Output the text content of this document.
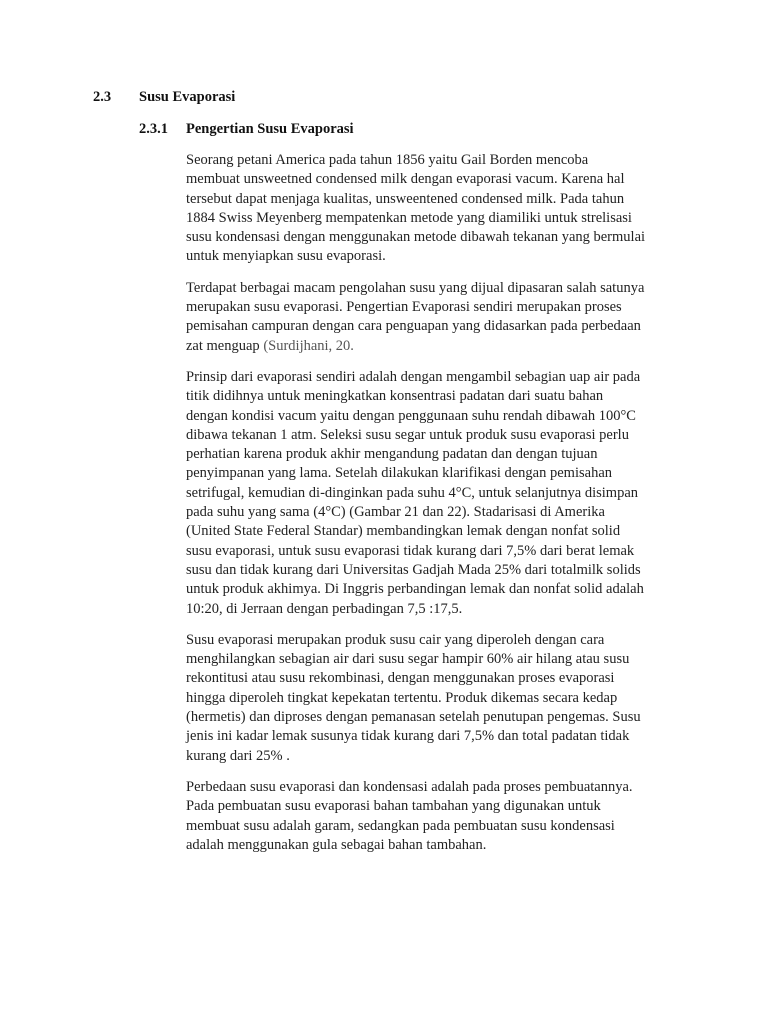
2.3 Susu Evaporasi
2.3.1 Pengertian Susu Evaporasi

Seorang petani America pada tahun 1856 yaitu Gail Borden mencoba
membuat unsweetned condensed milk dengan evaporasi vacum. Karena hal
tersebut dapat menjaga kualitas, unsweentened condensed milk. Pada tahun
1884 Swiss Meyenberg mempatenkan metode yang diamiliki untuk strelisasi
susu kondensasi dengan menggunakan metode dibawah tekanan yang bermulai
untuk menyiapkan susu evaporasi.

Terdapat berbagai macam pengolahan susu yang dijual dipasaran salah satunya
merupakan susu evaporasi. Pengertian Evaporasi sendiri merupakan proses
pemisahan campuran dengan cara penguapan yang didasarkan pada perbedaan
zat menguap (Surdijhani, 20.

Prinsip dari evaporasi sendiri adalah dengan mengambil sebagian uap air pada
titik didihnya untuk meningkatkan konsentrasi padatan dari suatu bahan
dengan kondisi vacum yaitu dengan penggunaan suhu rendah dibawah 100°C
dibawa tekanan 1 atm. Seleksi susu segar untuk produk susu evaporasi perlu
perhatian karena produk akhir mengandung padatan dan dengan tujuan
penyimpanan yang lama. Setelah dilakukan klarifikasi dengan pemisahan
setrifugal, kemudian di-dinginkan pada suhu 4°C, untuk selanjutnya disimpan
pada suhu yang sama (4°C) (Gambar 21 dan 22). Stadarisasi di Amerika
(United State Federal Standar) membandingkan lemak dengan nonfat solid
susu evaporasi, untuk susu evaporasi tidak kurang dari 7,5% dari berat lemak
susu dan tidak kurang dari Universitas Gadjah Mada 25% dari totalmilk solids
untuk produk akhimya. Di Inggris perbandingan lemak dan nonfat solid adalah
10:20, di Jerraan dengan perbadingan 7,5 :17,5.

Susu evaporasi merupakan produk susu cair yang diperoleh dengan cara
menghilangkan sebagian air dari susu segar hampir 60% air hilang atau susu
rekontitusi atau susu rekombinasi, dengan menggunakan proses evaporasi
hingga diperoleh tingkat kepekatan tertentu. Produk dikemas secara kedap
(hermetis) dan diproses dengan pemanasan setelah penutupan pengemas. Susu
jenis ini kadar lemak susunya tidak kurang dari 7,5% dan total padatan tidak
kurang dari 25% .

Perbedaan susu evaporasi dan kondensasi adalah pada proses pembuatannya.
Pada pembuatan susu evaporasi bahan tambahan yang digunakan untuk
membuat susu adalah garam, sedangkan pada pembuatan susu kondensasi
adalah menggunakan gula sebagai bahan tambahan.
